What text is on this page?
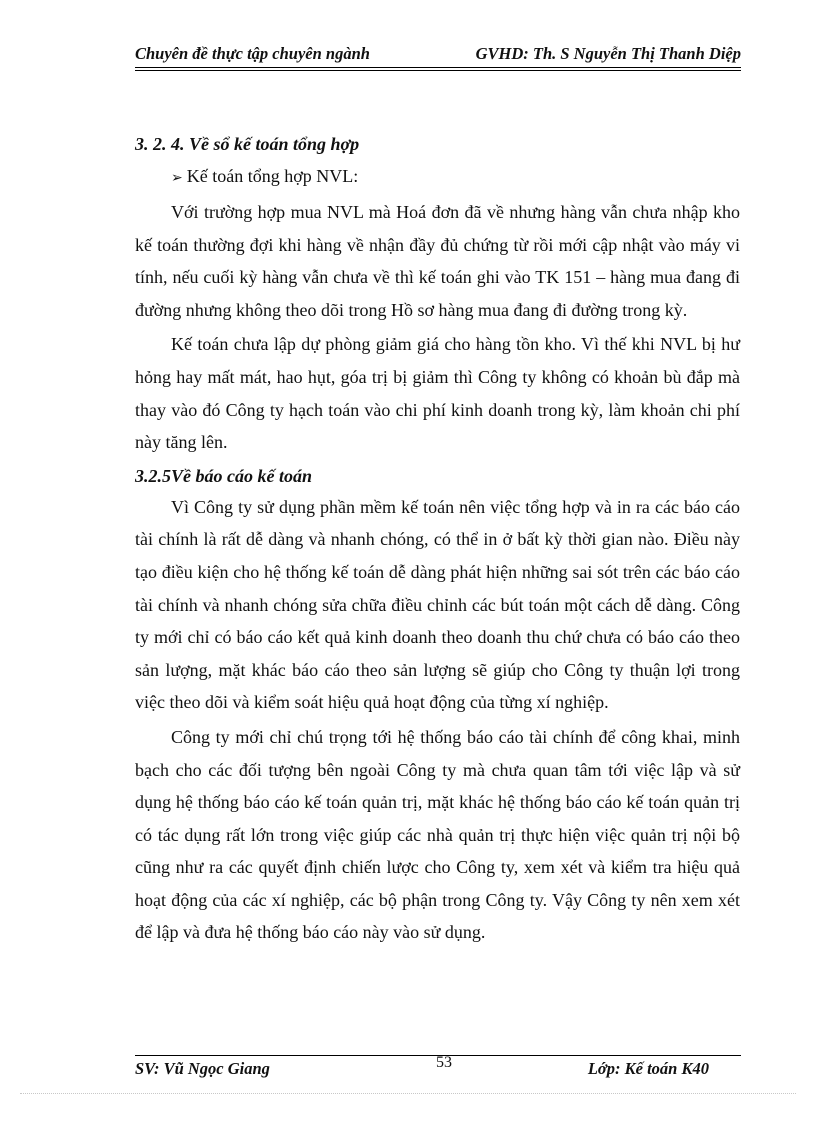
Chuyên đề thực tập chuyên ngành	GVHD: Th. S Nguyễn Thị Thanh Diệp
3. 2. 4. Về sổ kế toán tổng hợp
➢ Kế toán tổng hợp NVL:

Với trường hợp mua NVL mà Hoá đơn đã về nhưng hàng vẫn chưa nhập kho kế toán thường đợi khi hàng về nhận đầy đủ chứng từ rồi mới cập nhật vào máy vi tính, nếu cuối kỳ hàng vẫn chưa về thì kế toán ghi vào TK 151 – hàng mua đang đi đường nhưng không theo dõi trong Hồ sơ hàng mua đang đi đường trong kỳ.

Kế toán chưa lập dự phòng giảm giá cho hàng tồn kho. Vì thế khi NVL bị hư hỏng hay mất mát, hao hụt, góa trị bị giảm thì Công ty không có khoản bù đắp mà thay vào đó Công ty hạch toán vào chi phí kinh doanh trong kỳ, làm khoản chi phí này tăng lên.

3.2.5Về báo cáo kế toán

Vì Công ty sử dụng phần mềm kế toán nên việc tổng hợp và in ra các báo cáo tài chính là rất dễ dàng và nhanh chóng, có thể in ở bất kỳ thời gian nào. Điều này tạo điều kiện cho hệ thống kế toán dễ dàng phát hiện những sai sót trên các báo cáo tài chính và nhanh chóng sửa chữa điều chỉnh các bút toán một cách dễ dàng. Công ty mới chỉ có báo cáo kết quả kinh doanh theo doanh thu chứ chưa có báo cáo theo sản lượng, mặt khác báo cáo theo sản lượng sẽ giúp cho Công ty thuận lợi trong việc theo dõi và kiểm soát hiệu quả hoạt động của từng xí nghiệp.

Công ty mới chỉ chú trọng tới hệ thống báo cáo tài chính để công khai, minh bạch cho các đối tượng bên ngoài Công ty mà chưa quan tâm tới việc lập và sử dụng hệ thống báo cáo kế toán quản trị, mặt khác hệ thống báo cáo kế toán quản trị có tác dụng rất lớn trong việc giúp các nhà quản trị thực hiện việc quản trị nội bộ cũng như ra các quyết định chiến lược cho Công ty, xem xét và kiểm tra hiệu quả hoạt động của các xí nghiệp, các bộ phận trong Công ty. Vậy Công ty nên xem xét để lập và đưa hệ thống báo cáo này vào sử dụng.

SV: Vũ Ngọc Giang	53	Lớp: Kế toán K40
